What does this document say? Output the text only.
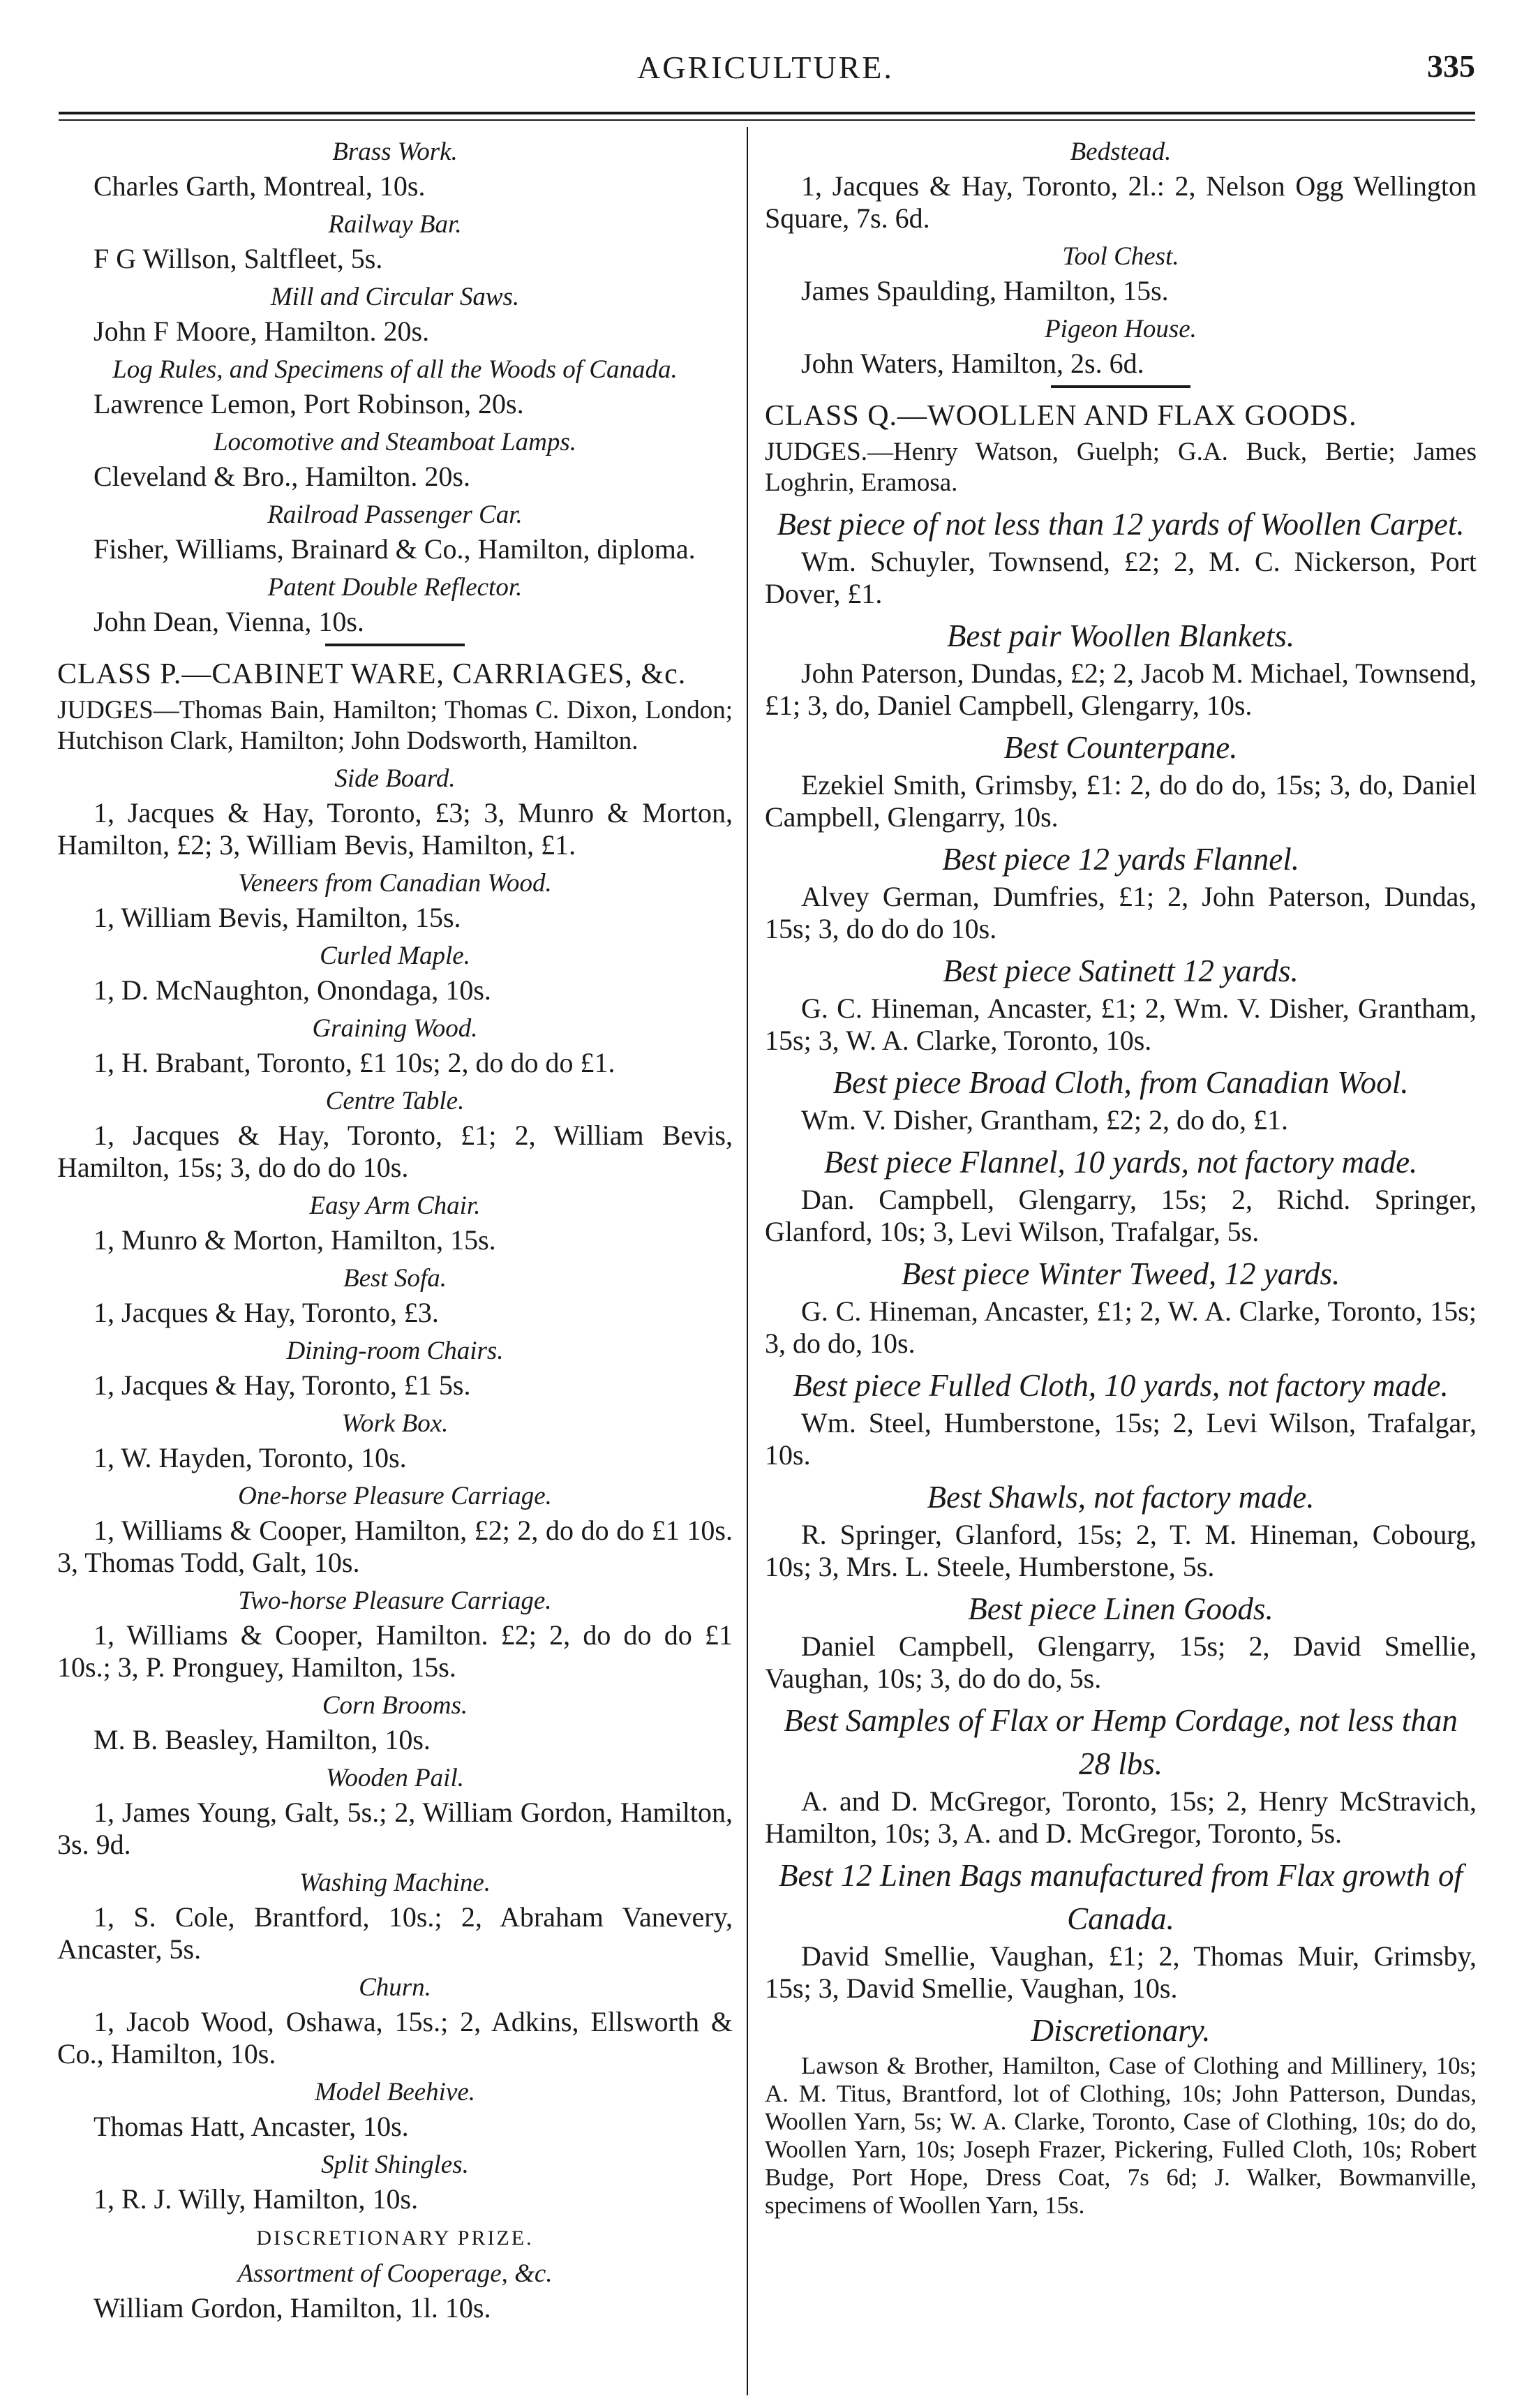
AGRICULTURE.	335

Brass Work.

Charles Garth, Montreal, 10s.

Railway Bar.

F G Willson, Saltfleet, 5s.

Mill and Circular Saws.

John F Moore, Hamilton. 20s.

Log Rules, and Specimens of all the Woods of Canada.

Lawrence Lemon, Port Robinson, 20s.

Locomotive and Steamboat Lamps.

Cleveland & Bro., Hamilton. 20s.

Railroad Passenger Car.

Fisher, Williams, Brainard & Co., Hamilton, diploma.

Patent Double Reflector.

John Dean, Vienna, 10s.

CLASS P.—CABINET WARE, CARRIAGES, &c.

JUDGES—Thomas Bain, Hamilton; Thomas C. Dixon, London; Hutchison Clark, Hamilton; John Dodsworth, Hamilton.

Side Board.

1, Jacques & Hay, Toronto, £3; 3, Munro & Morton, Hamilton, £2; 3, William Bevis, Hamilton, £1.

Veneers from Canadian Wood.

1, William Bevis, Hamilton, 15s.

Curled Maple.

1, D. McNaughton, Onondaga, 10s.

Graining Wood.

1, H. Brabant, Toronto, £1 10s; 2, do do do £1.

Centre Table.

1, Jacques & Hay, Toronto, £1; 2, William Bevis, Hamilton, 15s; 3, do do do 10s.

Easy Arm Chair.

1, Munro & Morton, Hamilton, 15s.

Best Sofa.

1, Jacques & Hay, Toronto, £3.

Dining-room Chairs.

1, Jacques & Hay, Toronto, £1 5s.

Work Box.

1, W. Hayden, Toronto, 10s.

One-horse Pleasure Carriage.

1, Williams & Cooper, Hamilton, £2; 2, do do do £1 10s. 3, Thomas Todd, Galt, 10s.

Two-horse Pleasure Carriage.

1, Williams & Cooper, Hamilton. £2; 2, do do do £1 10s.; 3, P. Pronguey, Hamilton, 15s.

Corn Brooms.

M. B. Beasley, Hamilton, 10s.

Wooden Pail.

1, James Young, Galt, 5s.; 2, William Gordon, Hamilton, 3s. 9d.

Washing Machine.

1, S. Cole, Brantford, 10s.; 2, Abraham Vanevery, Ancaster, 5s.

Churn.

1, Jacob Wood, Oshawa, 15s.; 2, Adkins, Ellsworth & Co., Hamilton, 10s.

Model Beehive.

Thomas Hatt, Ancaster, 10s.

Split Shingles.

1, R. J. Willy, Hamilton, 10s.

DISCRETIONARY PRIZE.

Assortment of Cooperage, &c.

William Gordon, Hamilton, 1l. 10s.

Bedstead.

1, Jacques & Hay, Toronto, 2l.: 2, Nelson Ogg Wellington Square, 7s. 6d.

Tool Chest.

James Spaulding, Hamilton, 15s.

Pigeon House.

John Waters, Hamilton, 2s. 6d.

CLASS Q.—WOOLLEN AND FLAX GOODS.

JUDGES.—Henry Watson, Guelph; G.A. Buck, Bertie; James Loghrin, Eramosa.

Best piece of not less than 12 yards of Woollen Carpet.

Wm. Schuyler, Townsend, £2; 2, M. C. Nickerson, Port Dover, £1.

Best pair Woollen Blankets.

John Paterson, Dundas, £2; 2, Jacob M. Michael, Townsend, £1; 3, do, Daniel Campbell, Glengarry, 10s.

Best Counterpane.

Ezekiel Smith, Grimsby, £1: 2, do do do, 15s; 3, do, Daniel Campbell, Glengarry, 10s.

Best piece 12 yards Flannel.

Alvey German, Dumfries, £1; 2, John Paterson, Dundas, 15s; 3, do do do 10s.

Best piece Satinett 12 yards.

G. C. Hineman, Ancaster, £1; 2, Wm. V. Disher, Grantham, 15s; 3, W. A. Clarke, Toronto, 10s.

Best piece Broad Cloth, from Canadian Wool.

Wm. V. Disher, Grantham, £2; 2, do do, £1.

Best piece Flannel, 10 yards, not factory made.

Dan. Campbell, Glengarry, 15s; 2, Richd. Springer, Glanford, 10s; 3, Levi Wilson, Trafalgar, 5s.

Best piece Winter Tweed, 12 yards.

G. C. Hineman, Ancaster, £1; 2, W. A. Clarke, Toronto, 15s; 3, do do, 10s.

Best piece Fulled Cloth, 10 yards, not factory made.

Wm. Steel, Humberstone, 15s; 2, Levi Wilson, Trafalgar, 10s.

Best Shawls, not factory made.

R. Springer, Glanford, 15s; 2, T. M. Hineman, Cobourg, 10s; 3, Mrs. L. Steele, Humberstone, 5s.

Best piece Linen Goods.

Daniel Campbell, Glengarry, 15s; 2, David Smellie, Vaughan, 10s; 3, do do do, 5s.

Best Samples of Flax or Hemp Cordage, not less than 28 lbs.

A. and D. McGregor, Toronto, 15s; 2, Henry McStravich, Hamilton, 10s; 3, A. and D. McGregor, Toronto, 5s.

Best 12 Linen Bags manufactured from Flax growth of Canada.

David Smellie, Vaughan, £1; 2, Thomas Muir, Grimsby, 15s; 3, David Smellie, Vaughan, 10s.

Discretionary.

Lawson & Brother, Hamilton, Case of Clothing and Millinery, 10s; A. M. Titus, Brantford, lot of Clothing, 10s; John Patterson, Dundas, Woollen Yarn, 5s; W. A. Clarke, Toronto, Case of Clothing, 10s; do do, Woollen Yarn, 10s; Joseph Frazer, Pickering, Fulled Cloth, 10s; Robert Budge, Port Hope, Dress Coat, 7s 6d; J. Walker, Bowmanville, specimens of Woollen Yarn, 15s.
